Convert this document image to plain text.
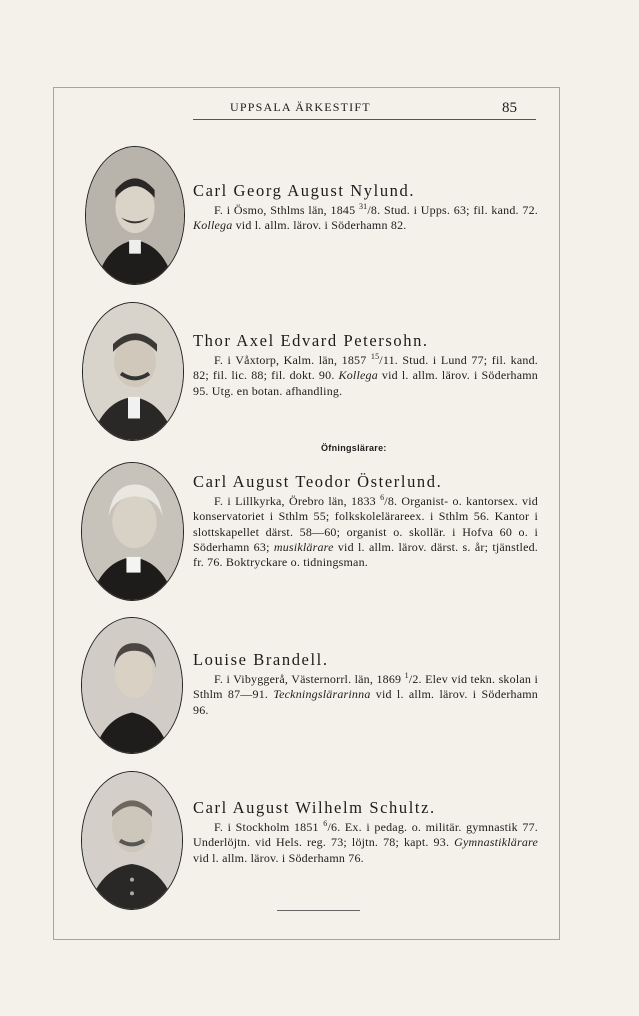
UPPSALA ÄRKESTIFT	85
Carl Georg August Nylund.
F. i Ösmo, Sthlms län, 1845 $^{31}$/8. Stud. i Upps. 63; fil. kand. 72. Kollega vid l. allm. lärov. i Söderhamn 82.
Thor Axel Edvard Petersohn.
F. i Våxtorp, Kalm. län, 1857 $^{15}$/11. Stud. i Lund 77; fil. kand. 82; fil. lic. 88; fil. dokt. 90. Kollega vid l. allm. lärov. i Söderhamn 95. Utg. en botan. afhandling.
Öfningslärare:
Carl August Teodor Österlund.
F. i Lillkyrka, Örebro län, 1833 $^6$/8. Organist- o. kantorsex. vid konservatoriet i Sthlm 55; folkskolelärareex. i Sthlm 56. Kantor i slottskapellet därst. 58—60; organist o. skollär. i Hofva 60 o. i Söderhamn 63; musiklärare vid l. allm. lärov. därst. s. år; tjänstled. fr. 76. Boktryckare o. tidningsman.
Louise Brandell.
F. i Vibyggerå, Västernorrl. län, 1869 $^1$/2. Elev vid tekn. skolan i Sthlm 87—91. Teckningslärarinna vid l. allm. lärov. i Söderhamn 96.
Carl August Wilhelm Schultz.
F. i Stockholm 1851 $^6$/6. Ex. i pedag. o. militär. gymnastik 77. Underlöjtn. vid Hels. reg. 73; löjtn. 78; kapt. 93. Gymnastiklärare vid l. allm. lärov. i Söderhamn 76.
